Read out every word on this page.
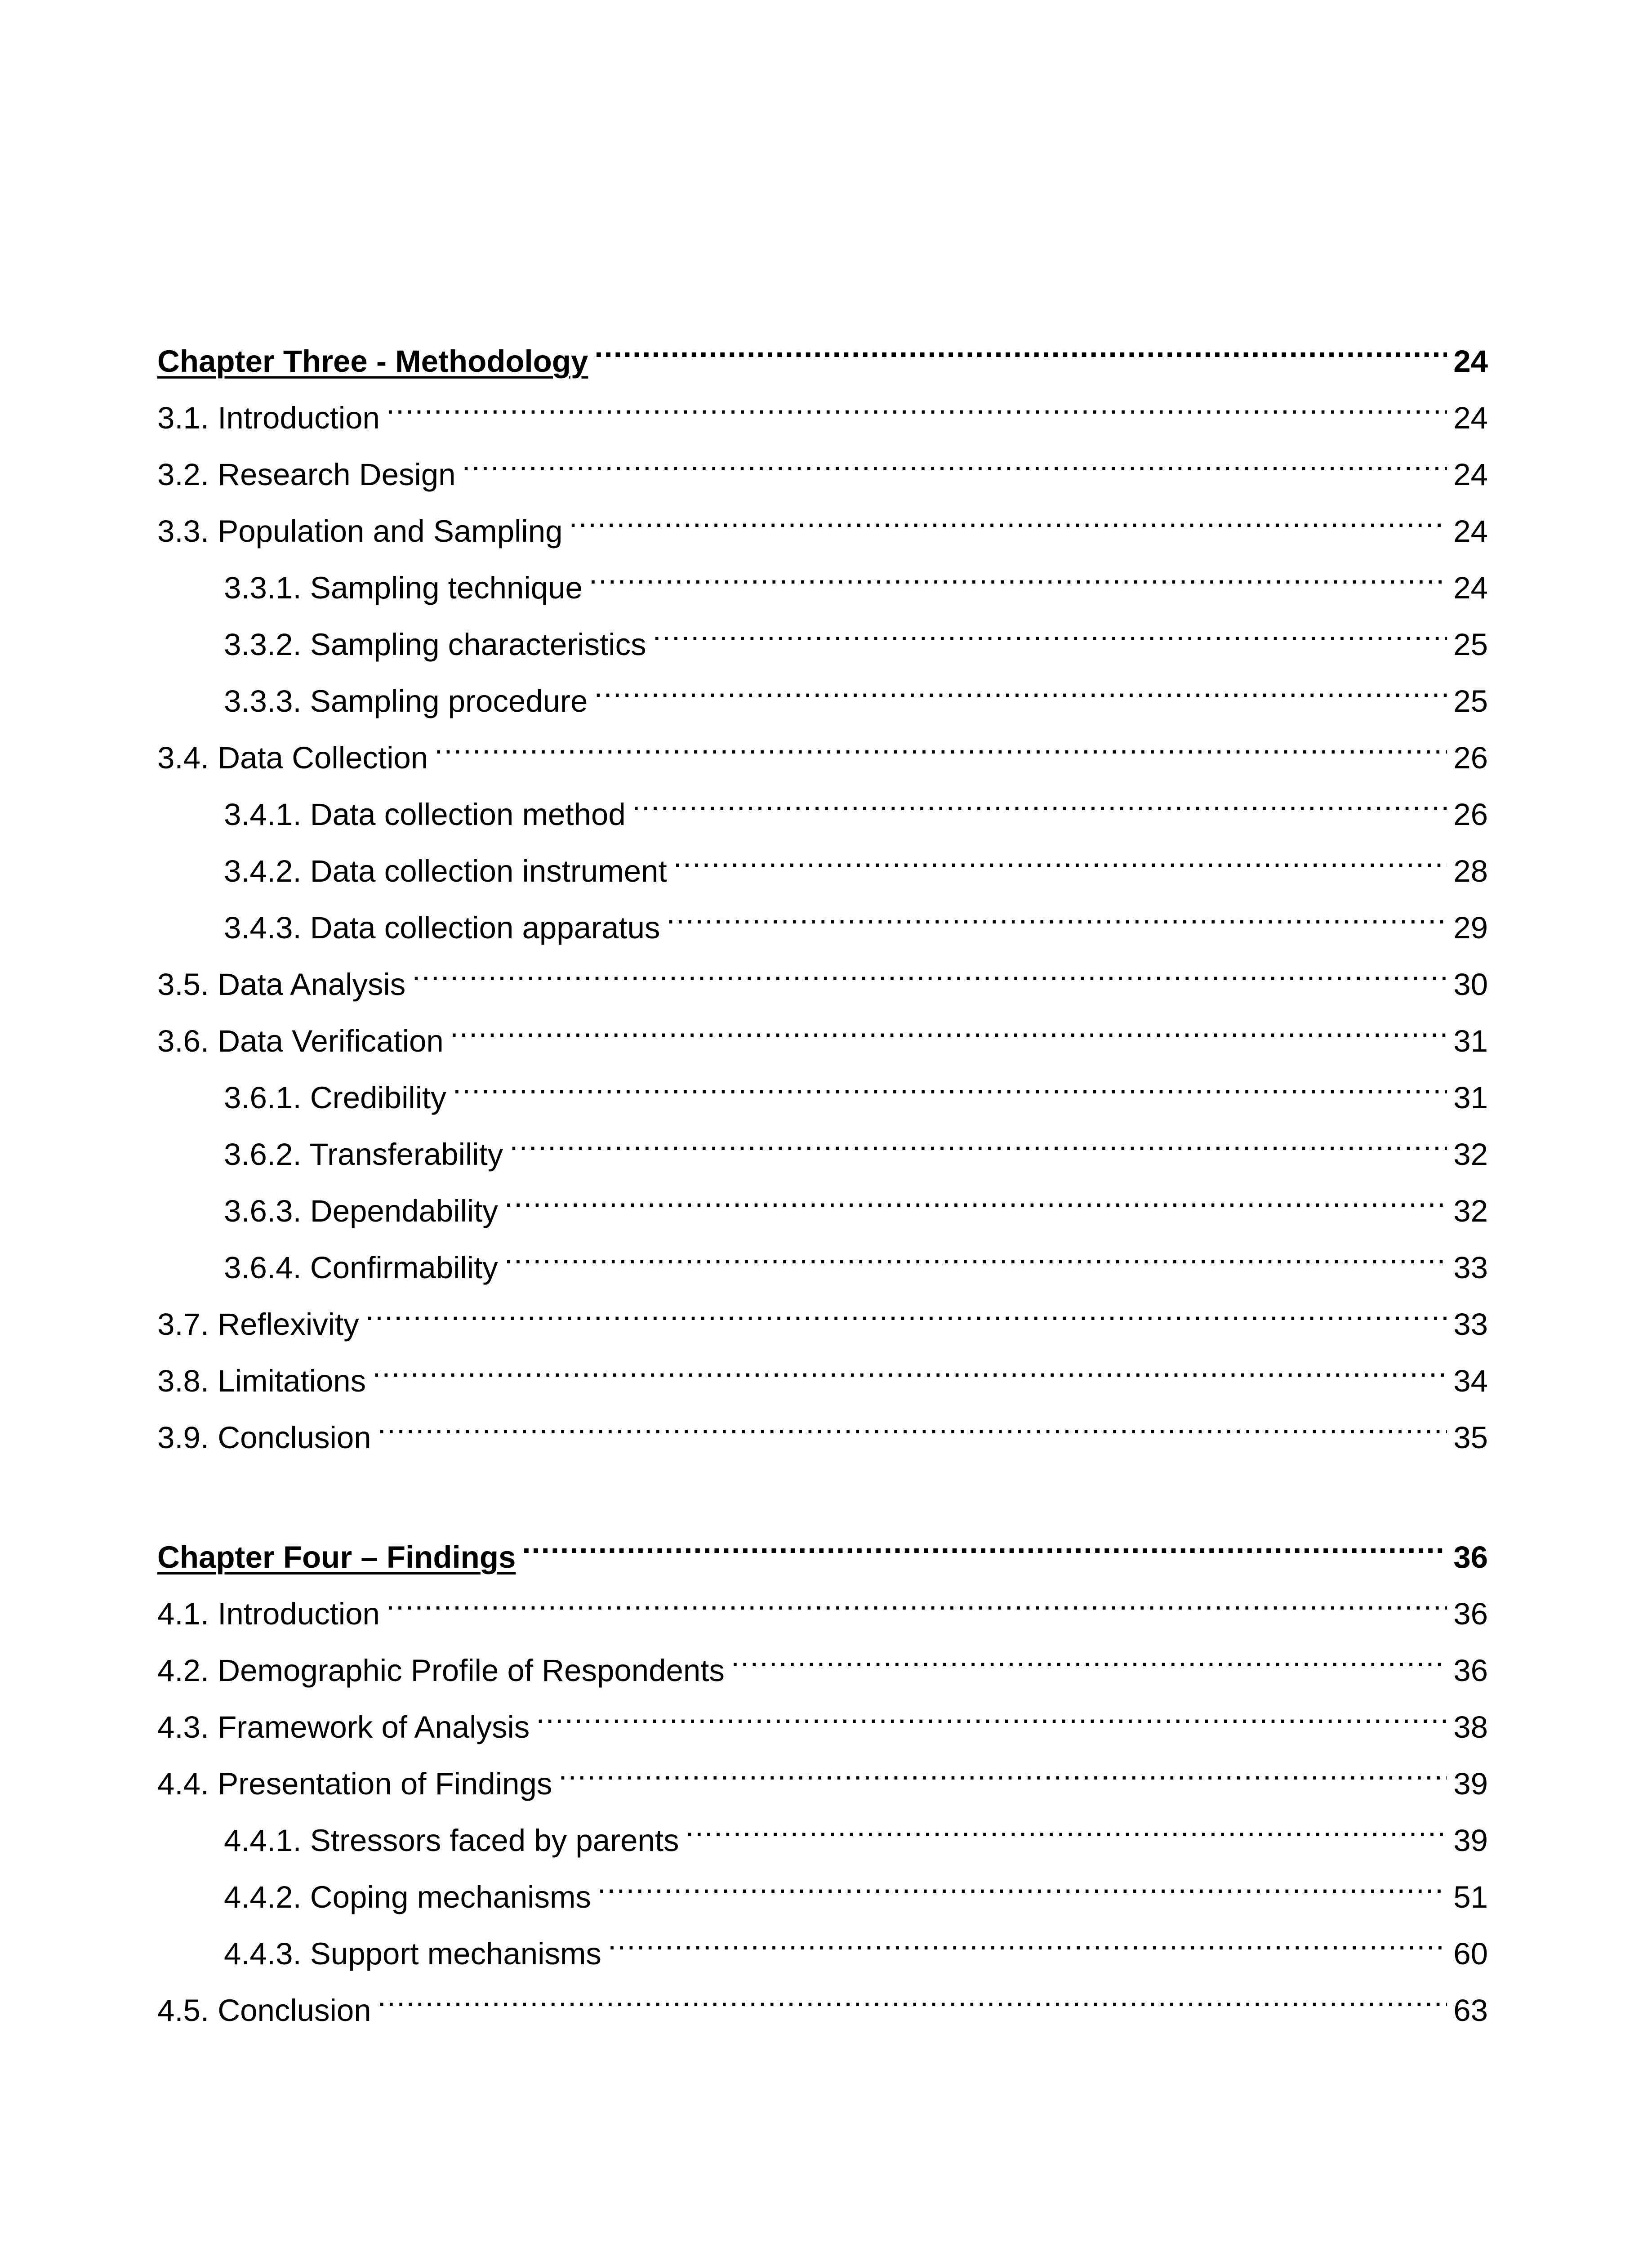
Chapter Three - Methodology .....	24
3.1. Introduction .....	24
3.2. Research Design .....	24
3.3. Population and Sampling .....	24
3.3.1. Sampling technique .....	24
3.3.2. Sampling characteristics .....	25
3.3.3. Sampling procedure .....	25
3.4. Data Collection .....	26
3.4.1. Data collection method .....	26
3.4.2. Data collection instrument .....	28
3.4.3. Data collection apparatus .....	29
3.5. Data Analysis .....	30
3.6. Data Verification .....	31
3.6.1. Credibility .....	31
3.6.2. Transferability .....	32
3.6.3. Dependability .....	32
3.6.4. Confirmability .....	33
3.7. Reflexivity .....	33
3.8. Limitations .....	34
3.9. Conclusion .....	35
Chapter Four – Findings .....	36
4.1. Introduction .....	36
4.2. Demographic Profile of Respondents .....	36
4.3. Framework of Analysis .....	38
4.4. Presentation of Findings .....	39
4.4.1. Stressors faced by parents .....	39
4.4.2. Coping mechanisms .....	51
4.4.3. Support mechanisms .....	60
4.5. Conclusion .....	63
